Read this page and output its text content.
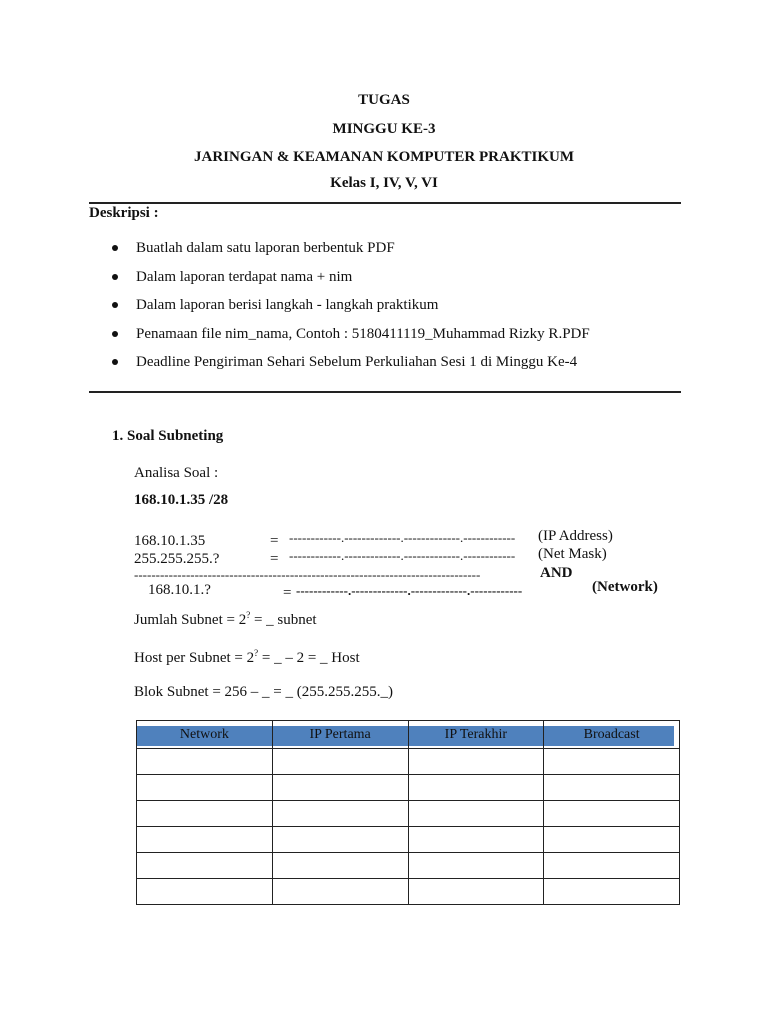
TUGAS
MINGGU KE-3
JARINGAN & KEAMANAN KOMPUTER PRAKTIKUM
Kelas I, IV, V, VI
Deskripsi :
Buatlah dalam satu laporan berbentuk PDF
Dalam laporan terdapat nama + nim
Dalam laporan berisi langkah - langkah praktikum
Penamaan file nim_nama, Contoh : 5180411119_Muhammad Rizky R.PDF
Deadline Pengiriman Sehari Sebelum Perkuliahan Sesi 1 di Minggu Ke-4
1. Soal Subneting
Analisa Soal :
168.10.1.35 /28
168.10.1.35	= ------------.-------------.-------------.------------ (IP Address)
255.255.255.?	= ------------.-------------.-------------.------------ (Net Mask)
--------------------------------------------------------------------------------	AND
168.10.1.?	= ------------.-------------.-------------.------------	(Network)
Jumlah Subnet = 2? = _ subnet
Host per Subnet = 2? = _ – 2 = _ Host
Blok Subnet = 256 – _ = _ (255.255.255._)
Network	IP Pertama	IP Terakhir	Broadcast
